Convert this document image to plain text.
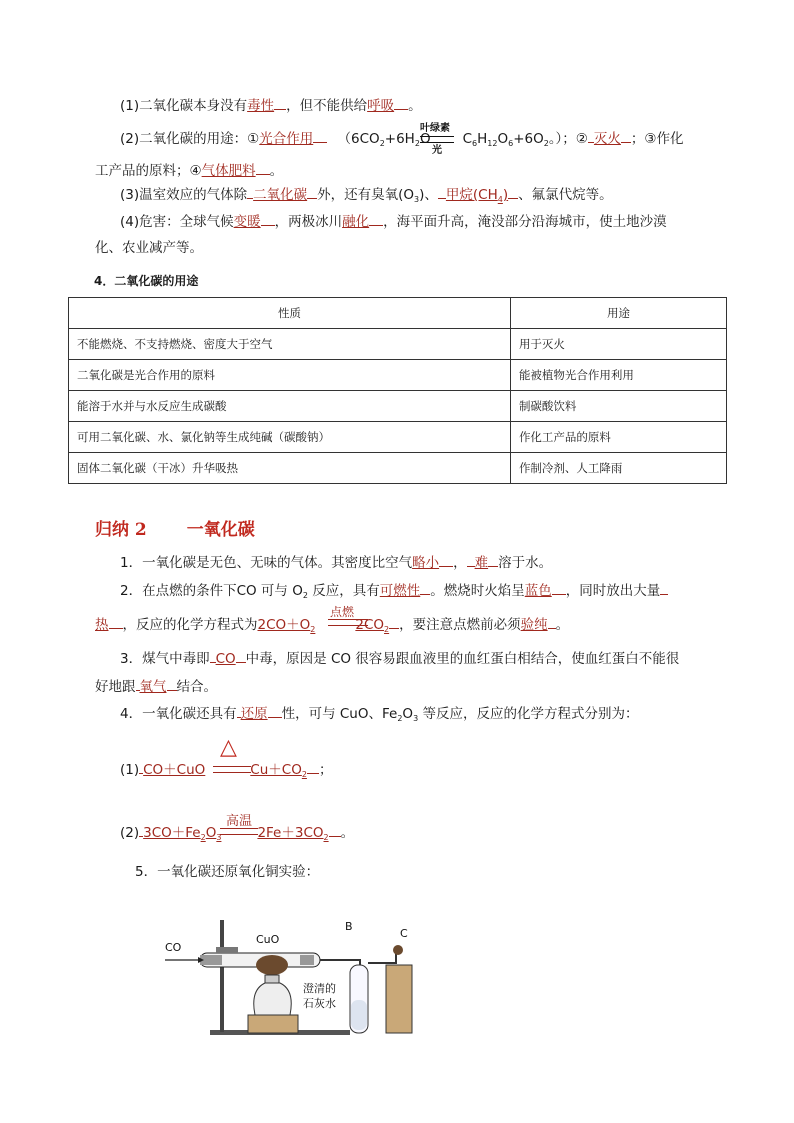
(1)二氧化碳本身没有毒性 ，但不能供给呼吸 。
(2)二氧化碳的用途：①光合作用 （$6CO_2+6H_2O$ $C_6H_{12}O_6+6O_2$。）；② 灭火 ；③作化
叶绿素
光
工产品的原料；④气体肥料 。
(3)温室效应的气体除 二氧化碳 外，还有臭氧$(O_3)$、 甲烷$(CH_4)$ 、氟氯代烷等。
(4)危害：全球气候变暖 ，两极冰川融化 ，海平面升高，淹没部分沿海城市，使土地沙漠
化、农业减产等。
4．二氧化碳的用途
性质	用途
不能燃烧、不支持燃烧、密度大于空气	用于灭火
二氧化碳是光合作用的原料	能被植物光合作用利用
能溶于水并与水反应生成碳酸	制碳酸饮料
可用二氧化碳、水、氯化钠等生成纯碱（碳酸钠）	作化工产品的原料
固体二氧化碳（干冰）升华吸热	作制冷剂、人工降雨
归纳 2 一氧化碳
1．一氧化碳是无色、无味的气体。其密度比空气略小 ， 难 溶于水。
2．在点燃的条件下CO 可与 $O_2$ 反应，具有可燃性 。燃烧时火焰呈蓝色 ，同时放出大量
热 ，反应的化学方程式为$2CO+O_2$	$2CO_2$ ，要注意点燃前必须验纯 。
点燃
3．煤气中毒即 CO 中毒，原因是 CO 很容易跟血液里的血红蛋白相结合，使血红蛋白不能很
好地跟 氧气 结合。
4．一氧化碳还具有 还原 性，可与 CuO、$Fe_2O_3$ 等反应，反应的化学方程式分别为：
△
(1) CO＋CuO	$Cu+CO_2$ ；
高温
(2) $3CO+Fe_2O_3$	$2Fe+3CO_2$ 。
5．一氧化碳还原氧化铜实验：
CO
CuO
B
C
澄清的
石灰水
